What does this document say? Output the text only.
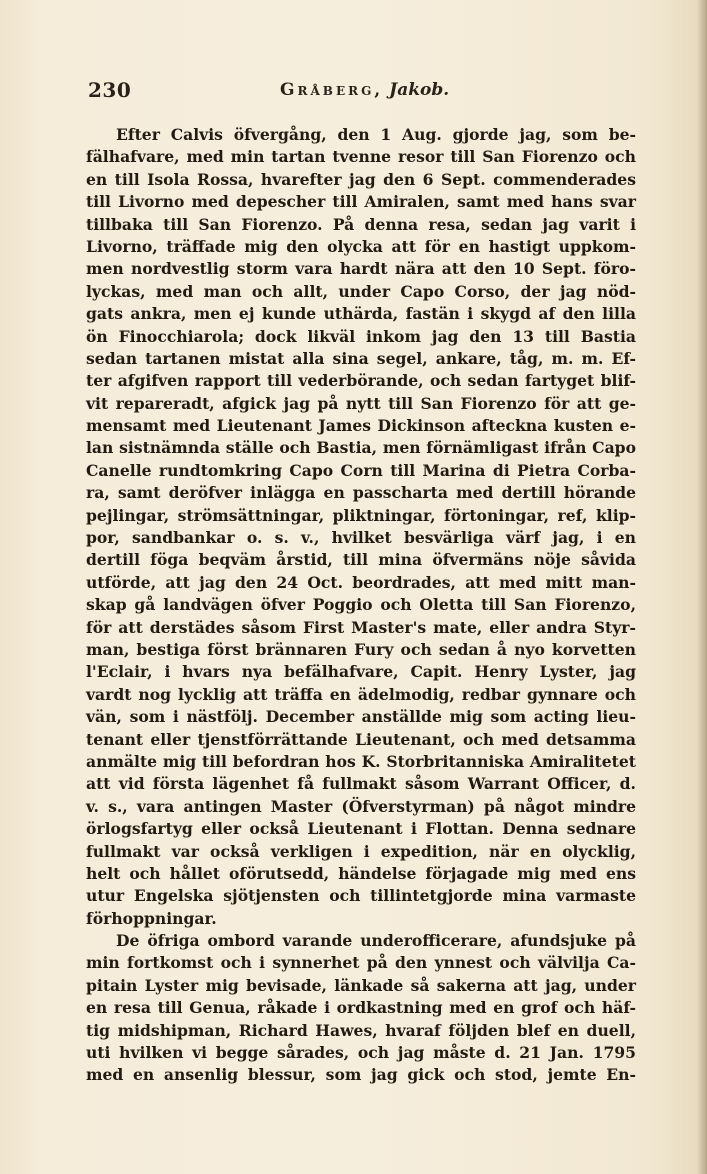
230	Gråberg, Jakob.
Efter Calvis öfvergång, den 1 Aug. gjorde jag, som be-
fälhafvare, med min tartan tvenne resor till San Fiorenzo och
en till Isola Rossa, hvarefter jag den 6 Sept. commenderades
till Livorno med depescher till Amiralen, samt med hans svar
tillbaka till San Fiorenzo. På denna resa, sedan jag varit i
Livorno, träffade mig den olycka att för en hastigt uppkom-
men nordvestlig storm vara hardt nära att den 10 Sept. föro-
lyckas, med man och allt, under Capo Corso, der jag nöd-
gats ankra, men ej kunde uthärda, fastän i skygd af den lilla
ön Finocchiarola; dock likväl inkom jag den 13 till Bastia
sedan tartanen mistat alla sina segel, ankare, tåg, m. m. Ef-
ter afgifven rapport till vederbörande, och sedan fartyget blif-
vit repareradt, afgick jag på nytt till San Fiorenzo för att ge-
mensamt med Lieutenant James Dickinson afteckna kusten e-
lan sistnämnda ställe och Bastia, men förnämligast ifrån Capo
Canelle rundtomkring Capo Corn till Marina di Pietra Corba-
ra, samt deröfver inlägga en passcharta med dertill hörande
pejlingar, strömsättningar, pliktningar, förtoningar, ref, klip-
por, sandbankar o. s. v., hvilket besvärliga värf jag, i en
dertill föga beqväm årstid, till mina öfvermäns nöje såvida
utförde, att jag den 24 Oct. beordrades, att med mitt man-
skap gå landvägen öfver Poggio och Oletta till San Fiorenzo,
för att derstädes såsom First Master's mate, eller andra Styr-
man, bestiga först brännaren Fury och sedan å nyo korvetten
l'Eclair, i hvars nya befälhafvare, Capit. Henry Lyster, jag
vardt nog lycklig att träffa en ädelmodig, redbar gynnare och
vän, som i nästfölj. December anställde mig som acting lieu-
tenant eller tjenstförrättande Lieutenant, och med detsamma
anmälte mig till befordran hos K. Storbritanniska Amiralitetet
att vid första lägenhet få fullmakt såsom Warrant Officer, d.
v. s., vara antingen Master (Öfverstyrman) på något mindre
örlogsfartyg eller också Lieutenant i Flottan. Denna sednare
fullmakt var också verkligen i expedition, när en olycklig,
helt och hållet oförutsedd, händelse förjagade mig med ens
utur Engelska sjötjensten och tillintetgjorde mina varmaste
förhoppningar.
De öfriga ombord varande underofficerare, afundsjuke på
min fortkomst och i synnerhet på den ynnest och välvilja Ca-
pitain Lyster mig bevisade, länkade så sakerna att jag, under
en resa till Genua, råkade i ordkastning med en grof och häf-
tig midshipman, Richard Hawes, hvaraf följden blef en duell,
uti hvilken vi begge sårades, och jag måste d. 21 Jan. 1795
med en ansenlig blessur, som jag gick och stod, jemte En-
